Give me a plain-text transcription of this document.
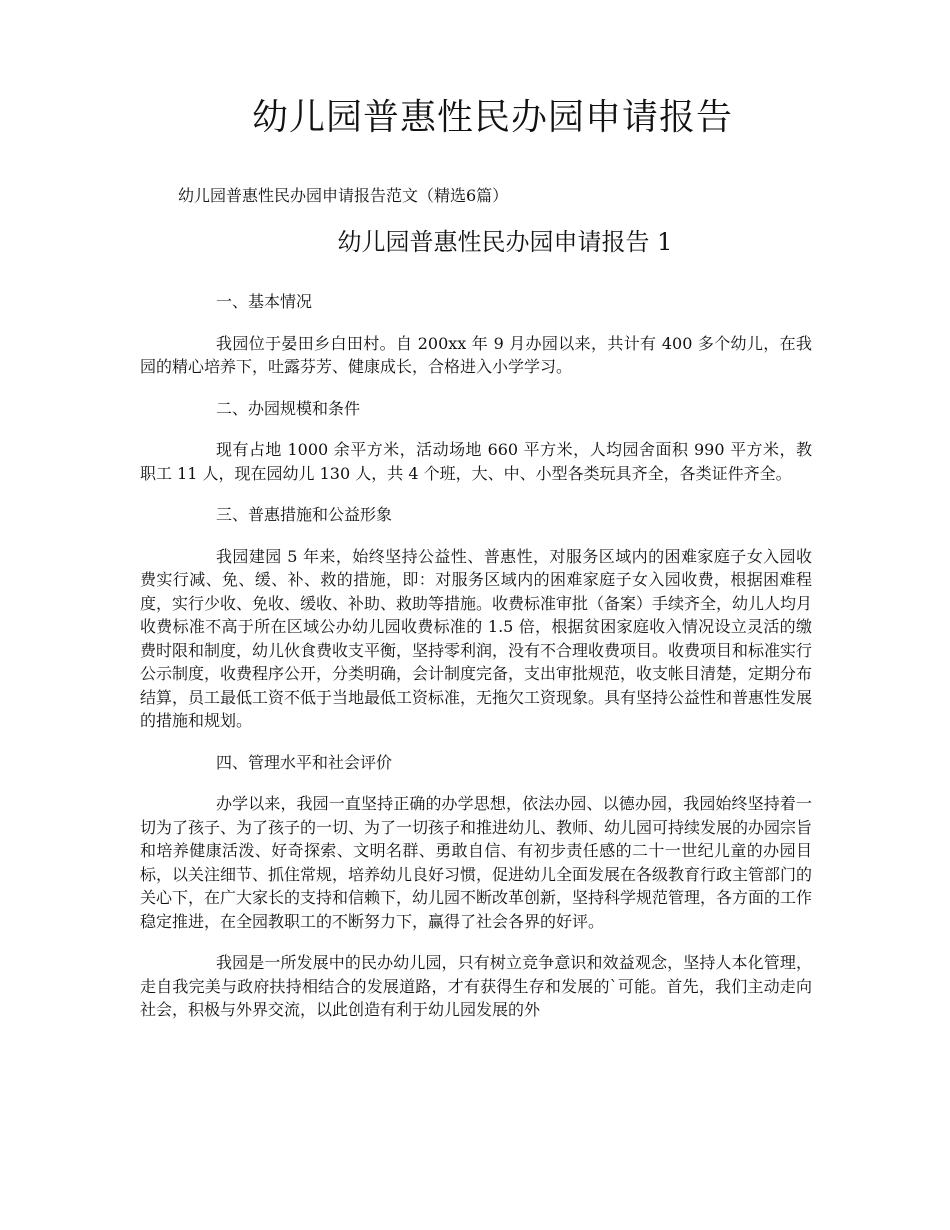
幼儿园普惠性民办园申请报告
幼儿园普惠性民办园申请报告范文（精选6篇）
幼儿园普惠性民办园申请报告 1

一、基本情况

我园位于晏田乡白田村。自 200xx 年 9 月办园以来，共计有 400 多个幼儿，在我园的精心培养下，吐露芬芳、健康成长，合格进入小学学习。

二、办园规模和条件

现有占地 1000 余平方米，活动场地 660 平方米，人均园舍面积 990 平方米，教职工 11 人，现在园幼儿 130 人，共 4 个班，大、中、小型各类玩具齐全，各类证件齐全。

三、普惠措施和公益形象

我园建园 5 年来，始终坚持公益性、普惠性，对服务区域内的困难家庭子女入园收费实行减、免、缓、补、救的措施，即：对服务区域内的困难家庭子女入园收费，根据困难程度，实行少收、免收、缓收、补助、救助等措施。收费标准审批（备案）手续齐全，幼儿人均月收费标准不高于所在区域公办幼儿园收费标准的 1.5 倍，根据贫困家庭收入情况设立灵活的缴费时限和制度，幼儿伙食费收支平衡，坚持零利润，没有不合理收费项目。收费项目和标准实行公示制度，收费程序公开，分类明确，会计制度完备，支出审批规范，收支帐目清楚，定期分布结算，员工最低工资不低于当地最低工资标准，无拖欠工资现象。具有坚持公益性和普惠性发展的措施和规划。

四、管理水平和社会评价

办学以来，我园一直坚持正确的办学思想，依法办园、以德办园，我园始终坚持着一切为了孩子、为了孩子的一切、为了一切孩子和推进幼儿、教师、幼儿园可持续发展的办园宗旨和培养健康活泼、好奇探索、文明名群、勇敢自信、有初步责任感的二十一世纪儿童的办园目标，以关注细节、抓住常规，培养幼儿良好习惯，促进幼儿全面发展在各级教育行政主管部门的关心下，在广大家长的支持和信赖下，幼儿园不断改革创新，坚持科学规范管理，各方面的工作稳定推进，在全园教职工的不断努力下，赢得了社会各界的好评。

我园是一所发展中的民办幼儿园，只有树立竞争意识和效益观念，坚持人本化管理，走自我完美与政府扶持相结合的发展道路，才有获得生存和发展的`可能。首先，我们主动走向社会，积极与外界交流，以此创造有利于幼儿园发展的外
